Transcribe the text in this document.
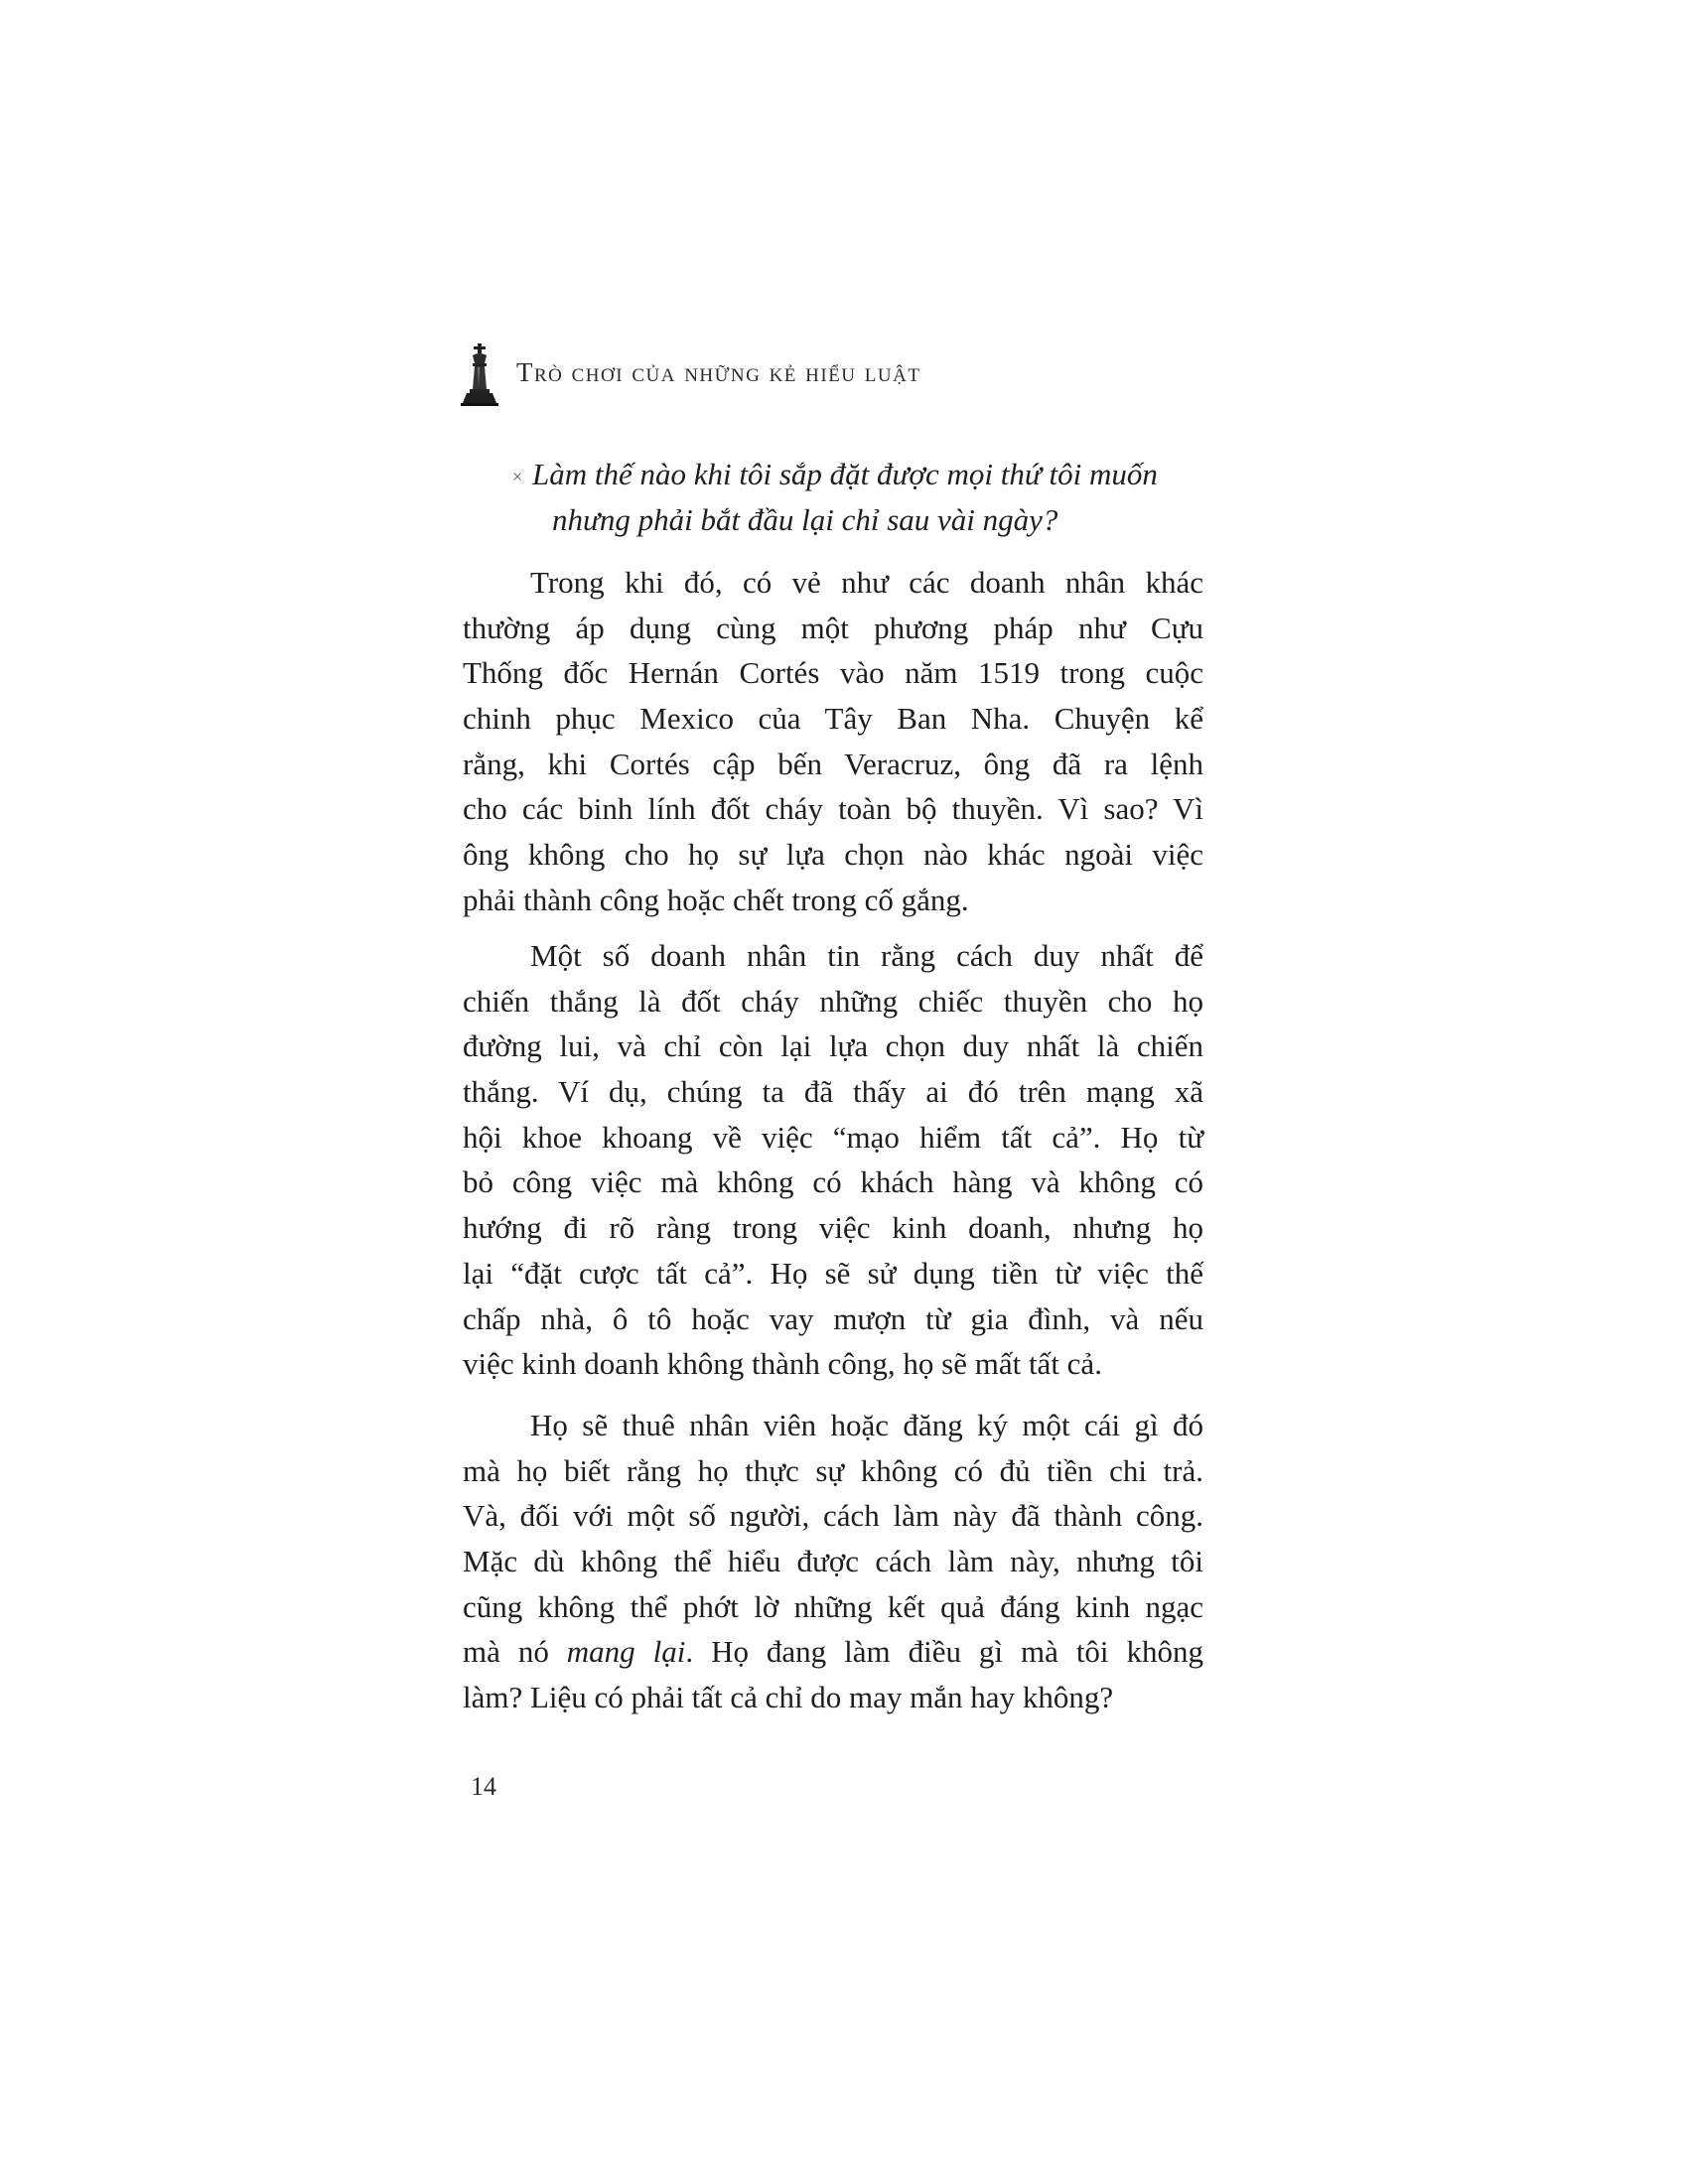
Trò chơi của những kẻ hiểu luật
× Làm thế nào khi tôi sắp đặt được mọi thứ tôi muốn
nhưng phải bắt đầu lại chỉ sau vài ngày?
Trong khi đó, có vẻ như các doanh nhân khác
thường áp dụng cùng một phương pháp như Cựu
Thống đốc Hernán Cortés vào năm 1519 trong cuộc
chinh phục Mexico của Tây Ban Nha. Chuyện kể
rằng, khi Cortés cập bến Veracruz, ông đã ra lệnh
cho các binh lính đốt cháy toàn bộ thuyền. Vì sao? Vì
ông không cho họ sự lựa chọn nào khác ngoài việc
phải thành công hoặc chết trong cố gắng.
Một số doanh nhân tin rằng cách duy nhất để
chiến thắng là đốt cháy những chiếc thuyền cho họ
đường lui, và chỉ còn lại lựa chọn duy nhất là chiến
thắng. Ví dụ, chúng ta đã thấy ai đó trên mạng xã
hội khoe khoang về việc “mạo hiểm tất cả”. Họ từ
bỏ công việc mà không có khách hàng và không có
hướng đi rõ ràng trong việc kinh doanh, nhưng họ
lại “đặt cược tất cả”. Họ sẽ sử dụng tiền từ việc thế
chấp nhà, ô tô hoặc vay mượn từ gia đình, và nếu
việc kinh doanh không thành công, họ sẽ mất tất cả.
Họ sẽ thuê nhân viên hoặc đăng ký một cái gì đó
mà họ biết rằng họ thực sự không có đủ tiền chi trả.
Và, đối với một số người, cách làm này đã thành công.
Mặc dù không thể hiểu được cách làm này, nhưng tôi
cũng không thể phớt lờ những kết quả đáng kinh ngạc
mà nó mang lại. Họ đang làm điều gì mà tôi không
làm? Liệu có phải tất cả chỉ do may mắn hay không?
14
